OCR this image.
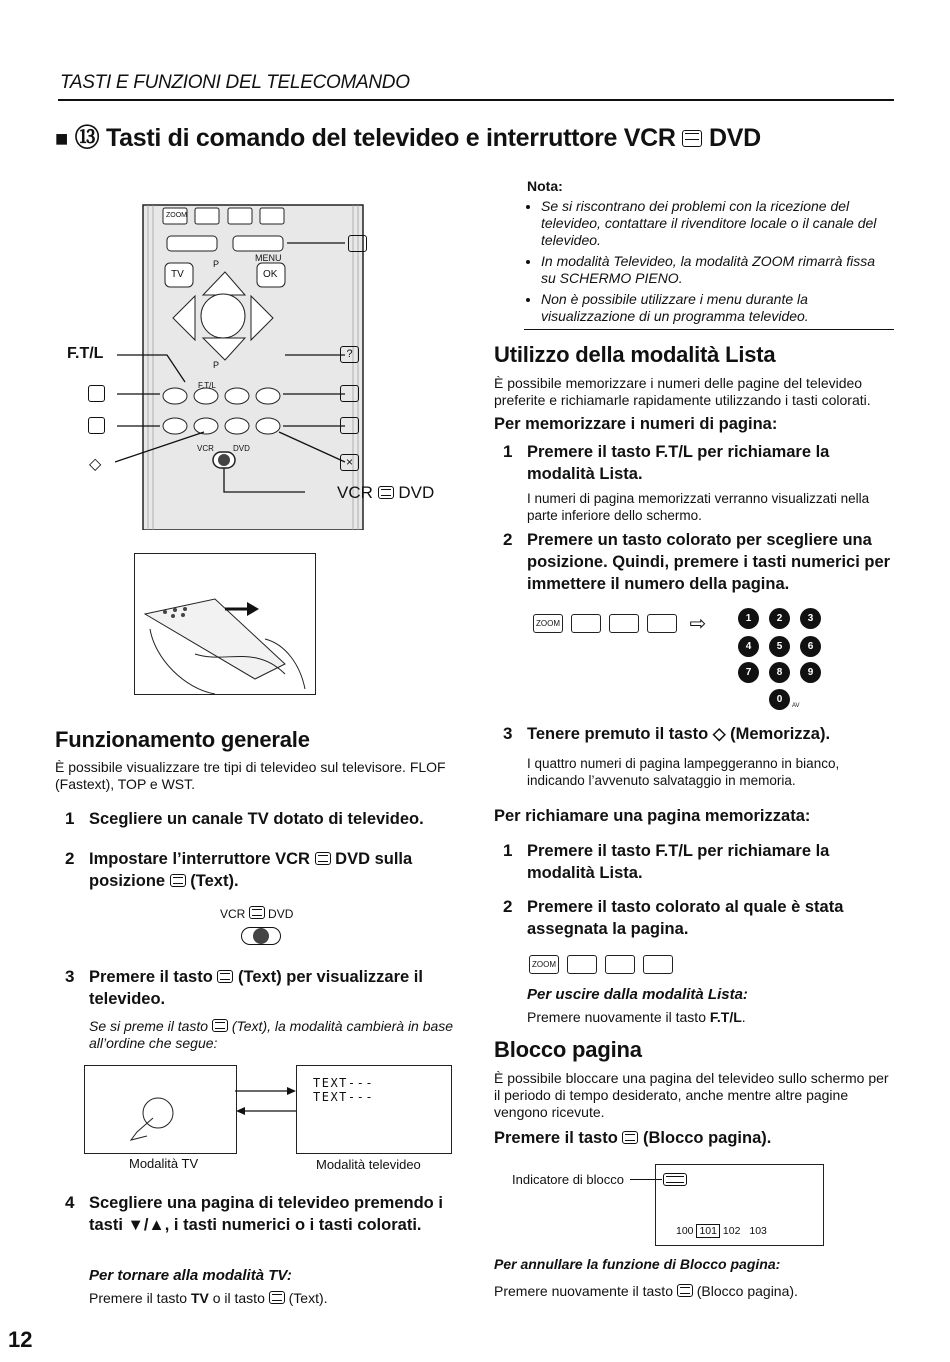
TASTI E FUNZIONI DEL TELECOMANDO
■ ⑬ Tasti di comando del televideo e interruttore VCR DVD
ZOOM
MENU
TV	OK
P
P
F.T/L
VCR DVD
F.T/L	?
◇	×
VCR DVD
Nota:
• Se si riscontrano dei problemi con la ricezione del televideo, contattare il rivenditore locale o il canale del televideo.
• In modalità Televideo, la modalità ZOOM rimarrà fissa su SCHERMO PIENO.
• Non è possibile utilizzare i menu durante la visualizzazione di un programma televideo.
Utilizzo della modalità Lista
È possibile memorizzare i numeri delle pagine del televideo preferite e richiamarle rapidamente utilizzando i tasti colorati.
Per memorizzare i numeri di pagina:
1 Premere il tasto F.T/L per richiamare la modalità Lista.
I numeri di pagina memorizzati verranno visualizzati nella parte inferiore dello schermo.
2 Premere un tasto colorato per scegliere una posizione. Quindi, premere i tasti numerici per immettere il numero della pagina.
ZOOM	⇨	1	2	3
4	5	6
7	8	9
0
AV
3 Tenere premuto il tasto ◇ (Memorizza).
I quattro numeri di pagina lampeggeranno in bianco, indicando l’avvenuto salvataggio in memoria.
Per richiamare una pagina memorizzata:
1 Premere il tasto F.T/L per richiamare la modalità Lista.
2 Premere il tasto colorato al quale è stata assegnata la pagina.
ZOOM
Per uscire dalla modalità Lista:
Premere nuovamente il tasto F.T/L.
Blocco pagina
È possibile bloccare una pagina del televideo sullo schermo per il periodo di tempo desiderato, anche mentre altre pagine vengono ricevute.
Premere il tasto (Blocco pagina).
Indicatore di blocco
100 101 102 103
Per annullare la funzione di Blocco pagina:
Premere nuovamente il tasto (Blocco pagina).
Funzionamento generale
È possibile visualizzare tre tipi di televideo sul televisore. FLOF (Fastext), TOP e WST.
1 Scegliere un canale TV dotato di televideo.
2 Impostare l’interruttore VCR DVD sulla posizione (Text).
VCR DVD
3 Premere il tasto (Text) per visualizzare il televideo.
Se si preme il tasto (Text), la modalità cambierà in base all’ordine che segue:
TEXT---
TEXT---
Modalità TV	Modalità televideo
4 Scegliere una pagina di televideo premendo i tasti ▼/▲, i tasti numerici o i tasti colorati.
Per tornare alla modalità TV:
Premere il tasto TV o il tasto (Text).
12
